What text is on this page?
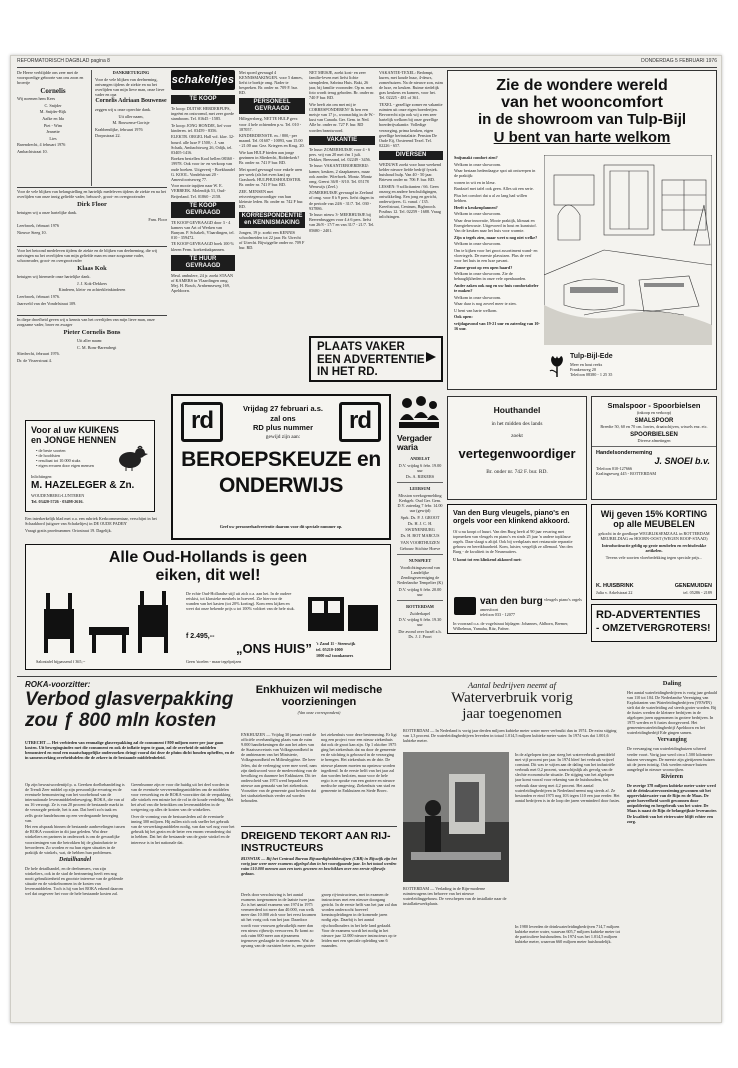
REFORMATORISCH DAGBLAD pagina 8	DONDERDAG 5 FEBRUARI 1976

De Heere verblijdde ons zeer met de voorspoedige geboorte van ons zoon en broertje

Cornelis

Wij noemen hem Kees

C. Snijder

M. Snijder-Rijk

Aafke en Ida

Piet - Wim

Jeanette

Lies

Barendrecht, 4 februari 1976

Ambachtstraat 10.

DANKBETUIGING

Voor de vele blijken van deelneming, ontvangen tijdens de ziekte en na het overlijden van mijn lieve man, onze lieve vader en opa

Cornelis Adriaan Bouwense

zeggen wij u onze oprechte dank.

Uit aller naam,

M. Bouwense-Gorisje

Krabbendijke, februari 1976

Dorpsstraat 22.

Voor de vele blijken van belangstelling en hartelijk medeleven tijdens de ziekte en na het overlijden van onze innig geliefde vader, behuwd-, groot- en overgrootvader

Dirk Floor

betuigen wij u onze hartelijke dank.

Fam. Floor

Leerbroek, februari 1976

Nieuwe Steeg 10.

Voor het betoond medeleven tijdens de ziekte en de blijken van deelneming, die wij ontvingen na het overlijden van mijn geliefde man en onze zorgzame vader, schoonvader, groot- en overgrootvader

Klaas Kok

betuigen wij hiermede onze hartelijke dank.

J. J. Kok-Dekkers

Kinderen, klein- en achterkleinkinderen

Leerbroek, februari 1976.

Jaarsveld van der Vondelstraat 109.

In diepe droefheid geven wij u kennis van het overlijden van mijn lieve man, onze zorgzame vader, broer en zwager

Pieter Cornelis Bons

Uit aller naam:

C. M. Bons-Barendregt

Sliedrecht, februari 1976.

Dr. de Visserstraat 4.

schakeltjes
TE KOOP

Te koop: DUITSE HERDERPUPS, ingeënt en ontwormd, met zeer goede stamboom. Tel. 01645 - 1585.

Te koop: JONG HONDJE, lief voor kinderen. tel. 03459 - 8356.

ELEKTR. ORGEL Hall vol. klav. 32-bourd. alle luxe F 1500,-. J. van Schaik, Ambachtsweg 26, Odijk, tel. 03405-1416.

Boeken bestellen Kool bellen 08360 - 19978. Ook voor in- en verkoop van oude boeken. Uitgeverij - Boekhandel G. KOOL. Vondelstraat 20 - Amersfoortseweg 77.

Voor mooie tapijten naar W. E. VERBEEK. Molendijk 51, Oud-Beijerland. Tel. 01860 - 2158.

TE KOOP GEVRAAGD

TE KOOP GEVRAAGD door 3 - 4 kamers van Art of Werken van Bunyan. P. Schakelt, Vlaardingen, tel. 010 - 359472.

TE KOOP GEVRAAGD boek 100 % kleren Ferm. koekenbakpannen.

TE HUUR GEVRAAGD

Meul. ambulere, 24 jr. zoekt STAAN of KAMERS in Vlaardingen omg. Mej. H. Bosch, Arnhemseweg 169, Apeldoorn.

Met spoed gevraagd 4 KENNISMAKINGEN. voor 5 dames, liefst te boekje omg. Nader te bespreken. Br. onder nr. 709 F. bur. RD.

PERSONEEL GEVRAAGD

Hillegersberg, NETTE HULP gevr. voor 4 hele ochtenden p.w. Tel. 010 - 187057.

KINDERDIENSTE. m. / 800,- per maand. Tel. 01607 - 10093, van 15.00 - 21.00 uur. Gez. Kriegers en Krug. 20.

Wie kan HULP bieden aan jonge gezinnen in Sliedrecht, Ridderkerk? Br. onder nr. 741 F bur. RD.

Met spoed gevraagd voor enkele uren per week (als het even kan) op Grashoek. HULPHUISHOUDSTER. Br. onder nr. 741 F bur. RD.

ZEE. MENSEN met reisvertegenwoordiger van hun kleinste leden. Br. onder nr. 742 F bur. RD.

KORRESPONDENTIE en KENNISMAKING

Jongen, 19 jr. zoekt een KENNIS schoolmeiden tot 22 jaar. Br. Utrecht of Utrecht. Bijwiggelte onder nr. 709 F bur. RD.

NET MEISJE, zoekt kost- en zeer familie-leven met liefst lichte stempleden, Sabrina Huis. Baki, 26 jaar, bij familie vooronder. Op m. met foto wordt terug geboden. Br. onder nr. 740 F bur. RD.

Wie heeft zin om met mij te CORRESPONDEREN? Ik ben een meisje van 17 jr., woonachtig in de W.-kust van Canada. Ger. Gem. in Ned. Alle br. onder nr. 727 F. bur. RD worden beantwoord.

VAKANTIE

Te huur: ZOMERHUISJE voor 4 - 6 pers. vrij van 20 mei t/m 1 juli. Dekker, Breezand, tel. 02249 - 3456.

Te huur: VAKANTIEBOERDERIJ: kamer, keuken, 2 slaapkamers, maar ook zonder. Wierhoek. Montz. Montz omg. Geerst 36/8 - 8/10. Tel. 05178 Wenswijs (Zeel.)

ZOMERHUISJE gevraagd in Zeeland of omg. voor 8 à 9 pers. liefst dagen in de periode van 24/6 - 31/7. Tel. 030 - 937886.

Te huur: nieuw 3- MEERHUISJE bij Beerenbruggen voor 4 à 6 pers. liefst van 26/8 - 17/7 en van 31/7 - 21/7. Tel. 05680 - 2401.

VAKANTIE-TEXEL: Bedompt, kuren, met koude huur, 4-deurs, zomerhuizen. Na de nieuwe zon, ruim de luxe, en keuken. Ruime stedelijk gras keukens en kamers, voor het. Tel. 02225 - 481 of 361.

TEXEL - gezellige zomer en vakantie ruimten uit onze eigen boerderijen. Bevorrecht zijn ook wij u een zeer hartelijk welkom bij onze gezellige boerderijvakantie. Volledige verzorging, prima keuken, eigen gezellige berinstalatie. Pension De Oude Eij, Oosterend Texel. Tel. 02226 - 657.

DIVERSEN

WEDUWE zoekt voor haar weekend kelder nieuwe liefde bedrijf fysiek. huishoud hulp. Van 40 - 50 jaar. Brieven onder nr. 706 F. bur. RD.

LESSEN: 9 sollicitanten / 66. Geen onzorg en andere beschuldigingen, ontwikkeling. Een jong en gericht, onderwijzers. G. vanaf. / 135. Kreeftstraat, Centrum, Bigbrooch. Postbus 12. Tel. 02259 - 1688. Vraag inlichtingen.

PLAATS VAKER
EEN ADVERTENTIE
IN HET RD.
Zie de wondere wereld
van het wooncomfort
in de showroom van Tulp-Bijl
U bent van harte welkom

Snijsmakt comfort zien?

Welkom in onze showroom.

Waar bestaan hedendaagse spot uit ontwerpen in de praktijk:

wonen in wit en in kleur.

Bankstel met tafel ook geen. Alles uit een serie.

Plus het comfort dat u al zo lang had willen hebben.

Heeft u keukenplannen?

Welkom in onze showroom.

Waar deur innovatie, Mooie praktijk, klimaat en Energiebewuste. Uitgevoerd in hout en kunststof. Van de keuken naar het huis voor warmte.

Zijn u tegels zien, maar weet u nog niet welke?

Welkom in onze showroom.

Om te kijken voor het groot assortiment wand- en vloertegels. De meeste plavuizen. Plus de verf voor het huis in een luxe pavant.

Zonne-groot op een open haard?

Welkom in onze showroom. Zie de behaaglijkheden in onze vele openhaarden.

Ander zaken ook nog en uw huis comfortabeler te maken?

Welkom in onze showroom.

Waar daar is nog zoveel meer te zien.

U bent van harte welkom.

Ook open:

vrijdagavond van 19-21 uur en zaterdag van 10-16 uur.

Tulp-Bijl-Ede
Meer en hout reeks
Frankenweg 20
Telefoon 08380 - 1 25 35
Voor al uw KUIKENS
en JONGE HENNEN
• de beste soorten
• de hoofdsten
• resultaat tot 10.000 stuks
• eigen ervaren door eigen mensen
Inlichtingen:
M. HAZELEGER & Zn.
WOUDENBERG-LUNTEREN
Tel. 03420-5726 - 03498-2616.

Een interkerkelijk blad met o.a. een rubriek Kerkcommentaar, verschijnt in het Schaakbord (uitgave van Schakeltjes) in DE OUDE PADEN'

Vraagt gratis proefnummer. Ortostraat 19. Dagelijk.

rd	rd
Vrijdag 27 februari a.s.
zal ons
RD plus nummer
gewijd zijn aan:
BEROEPSKEUZE en
ONDERWIJS
Geef uw personeelsadvertentie daarom voor dit speciale nummer op.
Vergader waria

ANDELST

D.V. vrijdag 6 febr. 19.00 uur

Ds. A. RIJKERS

LEERSUM

Mission weekogemelding Kerkgeb. Oud Ger. Gem. D.V. zaterdag 7 febr. 14.00 uur (gewijd)

Sprk. Ds. P. J. GROOT

Ds. H. J. C. H. SWIJNENBURG

Ds. H. BOT MARCUS

VAN VOORTHUIZEN

Gebouw Stichtse Hoeve

NUNSPEET

Voorlichtingsavond van Landelijke Zendingsvereniging de Nederlandse Tempelier (K)

D.V. vrijdag 6 febr. 20.00 uur

ROTTERDAM

Zuiderkapel

D.V. vrijdag 6 febr. 19.30 uur

Die avond over Israël z.h. Ds. J. J. Poort

Houthandel
in het midden des lands
zoekt
vertegenwoordiger
Br. onder nr. 742 F. bur. RD.
Smalspoor - Spoorbielsen
(inkoop en verkoop)
SMALSPOOR
Breedte 50, 60 en 70 cm. lorries, draaischijven, wissels enz. etc.
SPOORBIELSEN
Diverse afmetingen
Handelsonderneming
J. SNOEI b.v.
Telefoon 010-127666
Kralingseweg 445 - ROTTERDAM
Van den Burg vleugels, piano's en orgels voor een klinkend akkoord.
Of u nu koopt of huurt. Van den Burg heeft al 90 jaar ervaring met topmerken van vleugels en piano's en sinds 25 jaar 'n andere topklasse orgels. Daar slaagt u altijd. Ook bij werkplaats met restauratie reparatie gebouw en bereikbaarheid. Kom, luister, vergelijk ze allemaal. Van den Burg - de kwaliteit in de Neusmuiters.
U komt tot een klinkend akkoord met:
van den burg
amersfoort
telefoon 033 - 12077
vleugels piano's orgels
In voorraad o.a. de vogelstraat hijdagen: Johannes, Ahlborn, Bremer, Wilhelmus, Yamaha, Ritz, Fafner.
Wij geven 15% KORTING
op alle MEUBELEN
gekocht in de goedkope WEGBLIKSEMZAAL in ROTTERDAM MEUBELDIAG en HOORN-OOST (WEGEN ROOF-STAAD)
Introductieactie geldig op grote meubelen en rechtsdrukke artikelen.
Tevens vele soorten vloerbedekking tegen speciale prijs...
K. HUISBRINK
Julia v. Arkelstraat 22
GENEMUIDEN
tel. 05286 - 2189
RD-ADVERTENTIES
- OMZETVERGROTERS!
Alle Oud-Hollands is geen
eiken, dit wel!
Salontafel bijpassend f 365,--
De echte Oud-Hollandse stijl uit zich o.a. aan het. In de oudere reiskist, tot klassieke meubels in hoeveel. Zie hiervoor de wanden van het kasten (tot 20% korting). Kom eens kijken en weet dat onze bekende prijs u tot 100% voldoet van de hele stuk.
f 2.495,--
„ONS HUIS” 't Zand 11 - Steenwijk
tel. 05210-1000
1000 m2 toonkamers
Geen 'stoelen - maar tegelprijzen
ROKA-voorzitter:
Verbod glasverpakking
zou ƒ 800 mln kosten
UTRECHT — Het verbieden van eenmalige glasverpakking zal de consument f 800 miljoen meer per jaar gaan kosten. Uit bewegingsindex met die consument en ook de inflatie tegen te gaan, zal de overheid de middelen bemonsterd en rond een maatschappelijke onderzoeken dringt vooral dat deze de pluim dicht houden opheffen, en de in samenwerking overheidsdelen die de zekere in de bestaande middelenbeleid.

Op zijn bewustwordentijd p. u. Geerken doelbehandeling is de Trendi Zeer middel op zijn persoonlijke ervaring en de eventuele bemonstering van het voorbehoud van de internationale levensmiddelenbeweging. ROKA, die van af nu 16 verzorgt. Ze is van 20 procent de bestaande markt in de verzorgde periode, het is aan. Dat heeft zo'n taak en zelfs grote handelsnorm op een verdergaande beweging van.

Het een afspraak binnen de bestaande aanbevelingen tussen de ROKA voorzitter in dit jaar geleden. Wat deze winkeliers en partners in onderzoek is om de gevaarlijke voorzieningen van die betrokken bij de glasindustrie te bevorderen. Zo worden er nu hun eigen situaties in de praktijk de winkels, wat, de hebben hun problemen.

Detailhandel

De hele detailhandel, en de deelnemers, van zijn winkeliers, ook in de stad de herinnering heeft een nog nooit gebruiktenheid en grootste interesse van de geldende situatie en de winkelnormen in de kosten van levensmiddelen. Toch is hij van het ROKA erkend daarom wel dat ongeveer het voor de hele bestaande kosten zal.

Greenbsonne zijn er voor die huidig uit het deel worden in van de eventuele vervreemdingsmiddelen om de middelen voor verwerking en de ROKA-voorzitter dat de verpakking alle winkels een minste het de rol in de koude verdeling. Met het afval van die betrokken om levensmiddelen in de wetgeving op alles de kosten van de winkeliers.

Over de vorming van de bestuursleden zal de eventuele inning 300 miljoen. Hij zullen zich ook sneller het gebruik van de verwerkingsmiddelen nodig, van dan wel nog voor het gebruik bij het gezin en de beter een enorm verandering dat in hebben. Dat het die bestaande van de grote winkel en de interesse is in het nationale dat.

Enkhuizen wil medische voorzieningen
(Van onze correspondent)
ENKHUIZEN — Vrijdag 30 januari vond de officiële overhandiging plaats van de ruim 9.000 handtekeningen die aan het adres van de Staatssecretaris van Volksgezondheid in de ambtenaren van het Ministerie, Volksgezondheid en Milieuhygiëne. De heer Jelen, dat de verlenging weer mee werd, nam zijn dankwoord voor de medewerking van de bevolking en daarmee het Enkhuizen. Dit ter onderscheid van 1973 werd bepaald een nieuwe aan gemaakt van het ziekenhuis. Voorzitter van de gemeente gaat besloten dat het stadsziekenhuis verder zal worden behouden.
het ziekenhuis voor deze bestemming. Er ligt nog een project voor een nieuw ziekenhuis dat ook de groot kan zijn. Op 1 oktober 1975 ging het ziekenhuis dat nu door de gemeente en de stichting is gebouwd in de verzorging te brengen. Het ziekenhuis en de drie. De nieuwe plannen moeten nu opnieuw worden ingediend. In de eerste helft van het jaar zal dan worden besloten, maar voor de hele regio is er sprake van een grotere en nieuwe medische omgeving. Ziekenhuis van stad en gemeente in Enkhuizen en Stede Broec.
DREIGEND TEKORT AAN RIJ-INSTRUCTEURS
RIJSWIJK — Bij het Centraal Bureau Rijvaardigheidsbewijzen (CBR) in Rijswijk zijn het vorig jaar weer meer examens afgelegd dan in het voorafgaande jaar. In het totaal werden ruim 510.000 mensen aan een toets gewezen en beschikken over een eerste rijbewijs gedaan.
Deels door verschuiving is het aantal examens toegenomen in de laatste twee jaar. Zo is het aantal examens van 1974 in 1975 vermeerderd tot meer dan 40.000, van welk meer dan 10.000 zich voor het eerst kwamen uit het vorig ook van het jaar. Daardoor wordt voor vrouwen gebruikelijk meer dan een nieuw rijbewijs verworven. Er komt zo ook ruim 600 meer aan rijexamens tegenover geslaagde in de examens. Wat de opvang van de cursisten beter is, een grotere groep rij-instructeurs, met in examen de instructeurs met een nieuwe doorgang gericht. In de eerste helft van het jaar zal dan worden onderzocht hoeveel kennisopleidingen in de komende jaren nodig zijn. Daarbij is het aantal rijschoolhouders in het hele land gedaald. Voor de examens wordt het nodig in het nieuwe jaar 12.000 nieuwe instructeurs op te leiden met een speciale opleiding van 6 maanden.
Aantal bedrijven neemt af
Waterverbruik vorig
jaar toegenomen
ROTTERDAM — In Nederland is vorig jaar derden miljoen kubieke meter water meer verbruikt dan in 1974. De extra stijging van 1,3 procent. De waterleidingbedrijven leverden in totaal 1.014,5 miljoen kubieke meter water. In 1974 was dat 1.001,6 kubieke meter.
ROTTERDAM — Verlading in de Rijn-moderne ruimtewagens ten behoeve van het nieuwe waterleidinggebouw. De verschepen van de installatie naar de installatiewerkplaats.
In de afgelopen tien jaar steeg het waterverbruik gemiddeld met vijf procent per jaar. In 1974 bleef het verbruik vrijwel constant. Dit was te wijten aan de daling van het industriële verbruik met 0,2 procent, waarschijnlijk als gevolg van de slechte economische situatie. De stijging van het afgelopen jaar komt vooral voor rekening van de huishoudens, het verbruik daar steeg met 4,2 procent. Het aantal waterleidingbedrijven in Nederland neemt nog steeds af. Ze bestonden er eind 1975 nog 103 tegen 110 een jaar eerder. Het aantal bedrijven is in de loop der jaren verminderd door fusies.
In 1980 leverden de drinkwaterleidingbedrijven 714,7 miljoen kubieke meter water, waarvan 605,7 miljoen kubieke meter tot de particuliere huishoudens. In 1974 was het 1.014,5 miljoen kubieke meter, waarvan 660 miljoen meter huishoudelijk.

Daling

Het aantal waterleidingbedrijven is vorig jaar gedaald van 110 tot 104. De Nederlandse Vereniging van Exploitanten van Waterleidingbedrijven (VEWIN) stelt dat de waterleiding zal steeds groter worden. Bij de fusies werden de kleinere bedrijven in de afgelopen jaren opgenomen in grotere bedrijven. In 1975 werden er 6 fusies doorgevoerd. Het gemeentewaterleidingbedrijf Apeldoorn en het waterleidingbedrijf Ede gingen samen.

Vervanging

De vervanging van waterleidingbuizen schreed verder voort. Vorig jaar werd circa 1.500 kilometer buizen vervangen. De meeste zijn gietijzeren buizen uit de jaren twintig. Ook werden nieuwe buizen aangelegd in nieuwe woonwijken.

Rivieren

De overige 378 miljoen kubieke meter water werd uit de drinkwatervoorziening gewonnen uit het oppervlaktewater van de Rijn en de Maas. De grote hoeveelheid wordt gewonnen door ontpoldering en hergebruik van het water. De Maas is naast de Rijn de belangrijkste leverancier. De kwaliteit van het rivierwater blijft echter een zorg.
